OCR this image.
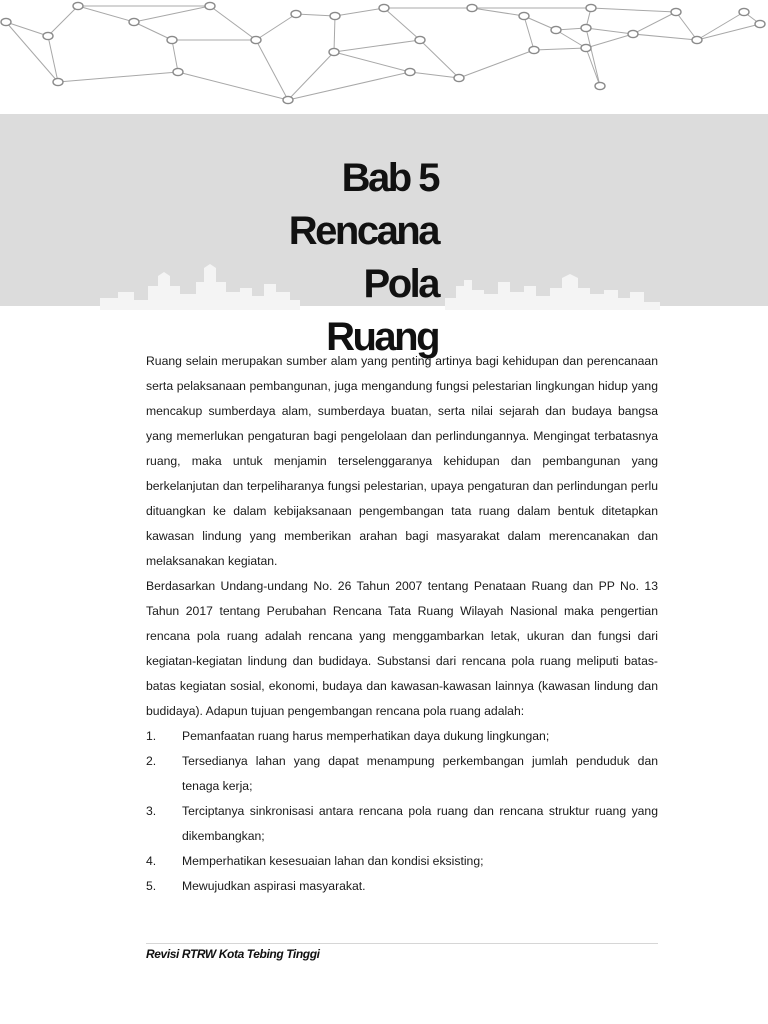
Bab 5
Rencana
Pola
Ruang

Ruang selain merupakan sumber alam yang penting artinya bagi kehidupan dan perencanaan serta pelaksanaan pembangunan, juga mengandung fungsi pelestarian lingkungan hidup yang mencakup sumberdaya alam, sumberdaya buatan, serta nilai sejarah dan budaya bangsa yang memerlukan pengaturan bagi pengelolaan dan perlindungannya. Mengingat terbatasnya ruang, maka untuk menjamin terselenggaranya kehidupan dan pembangunan yang berkelanjutan dan terpeliharanya fungsi pelestarian, upaya pengaturan dan perlindungan perlu dituangkan ke dalam kebijaksanaan pengembangan tata ruang dalam bentuk ditetapkan kawasan lindung yang memberikan arahan bagi masyarakat dalam merencanakan dan melaksanakan kegiatan.

Berdasarkan Undang-undang No. 26 Tahun 2007 tentang Penataan Ruang dan PP No. 13 Tahun 2017 tentang Perubahan Rencana Tata Ruang Wilayah Nasional maka pengertian rencana pola ruang adalah rencana yang menggambarkan letak, ukuran dan fungsi dari kegiatan-kegiatan lindung dan budidaya. Substansi dari rencana pola ruang meliputi batas-batas kegiatan sosial, ekonomi, budaya dan kawasan-kawasan lainnya (kawasan lindung dan budidaya). Adapun tujuan pengembangan rencana pola ruang adalah:

1.	Pemanfaatan ruang harus memperhatikan daya dukung lingkungan;
2.	Tersedianya lahan yang dapat menampung perkembangan jumlah penduduk dan tenaga kerja;
3.	Terciptanya sinkronisasi antara rencana pola ruang dan rencana struktur ruang yang dikembangkan;
4.	Memperhatikan kesesuaian lahan dan kondisi eksisting;
5.	Mewujudkan aspirasi masyarakat.
Revisi RTRW Kota Tebing Tinggi
